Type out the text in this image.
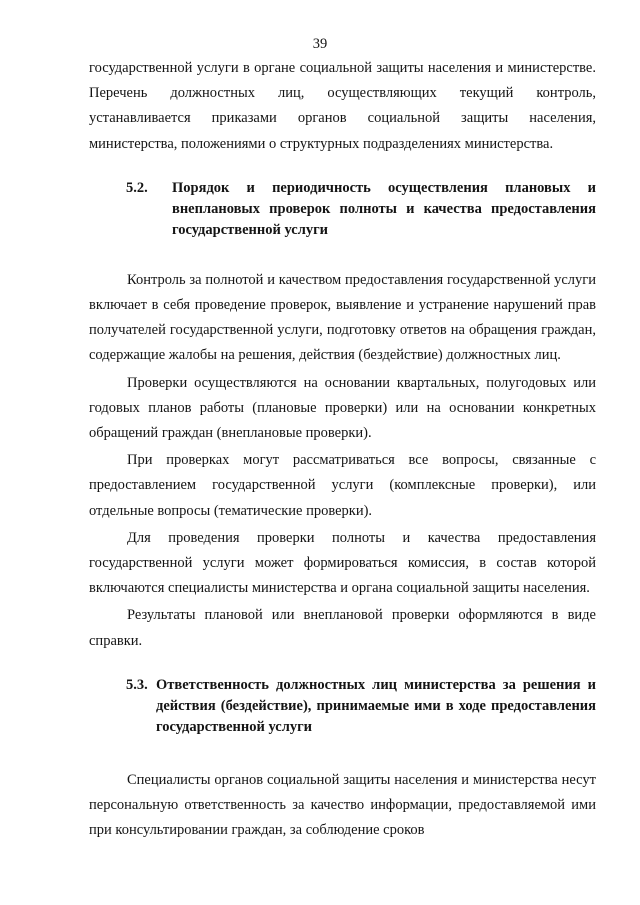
39

государственной услуги в органе социальной защиты населения и министерстве. Перечень должностных лиц, осуществляющих текущий контроль, устанавливается приказами органов социальной защиты населения, министерства, положениями о структурных подразделениях министерства.

5.2.	Порядок и периодичность осуществления плановых и внеплановых проверок полноты и качества предоставления государственной услуги

Контроль за полнотой и качеством предоставления государственной услуги включает в себя проведение проверок, выявление и устранение нарушений прав получателей государственной услуги, подготовку ответов на обращения граждан, содержащие жалобы на решения, действия (бездействие) должностных лиц.

Проверки осуществляются на основании квартальных, полугодовых или годовых планов работы (плановые проверки) или на основании конкретных обращений граждан (внеплановые проверки).

При проверках могут рассматриваться все вопросы, связанные с предоставлением государственной услуги (комплексные проверки), или отдельные вопросы (тематические проверки).

Для проведения проверки полноты и качества предоставления государственной услуги может формироваться комиссия, в состав которой включаются специалисты министерства и органа социальной защиты населения.

Результаты плановой или внеплановой проверки оформляются в виде справки.

5.3. Ответственность должностных лиц министерства за решения и действия (бездействие), принимаемые ими в ходе предоставления государственной услуги

Специалисты органов социальной защиты населения и министерства несут персональную ответственность за качество информации, предоставляемой ими при консультировании граждан, за соблюдение сроков
